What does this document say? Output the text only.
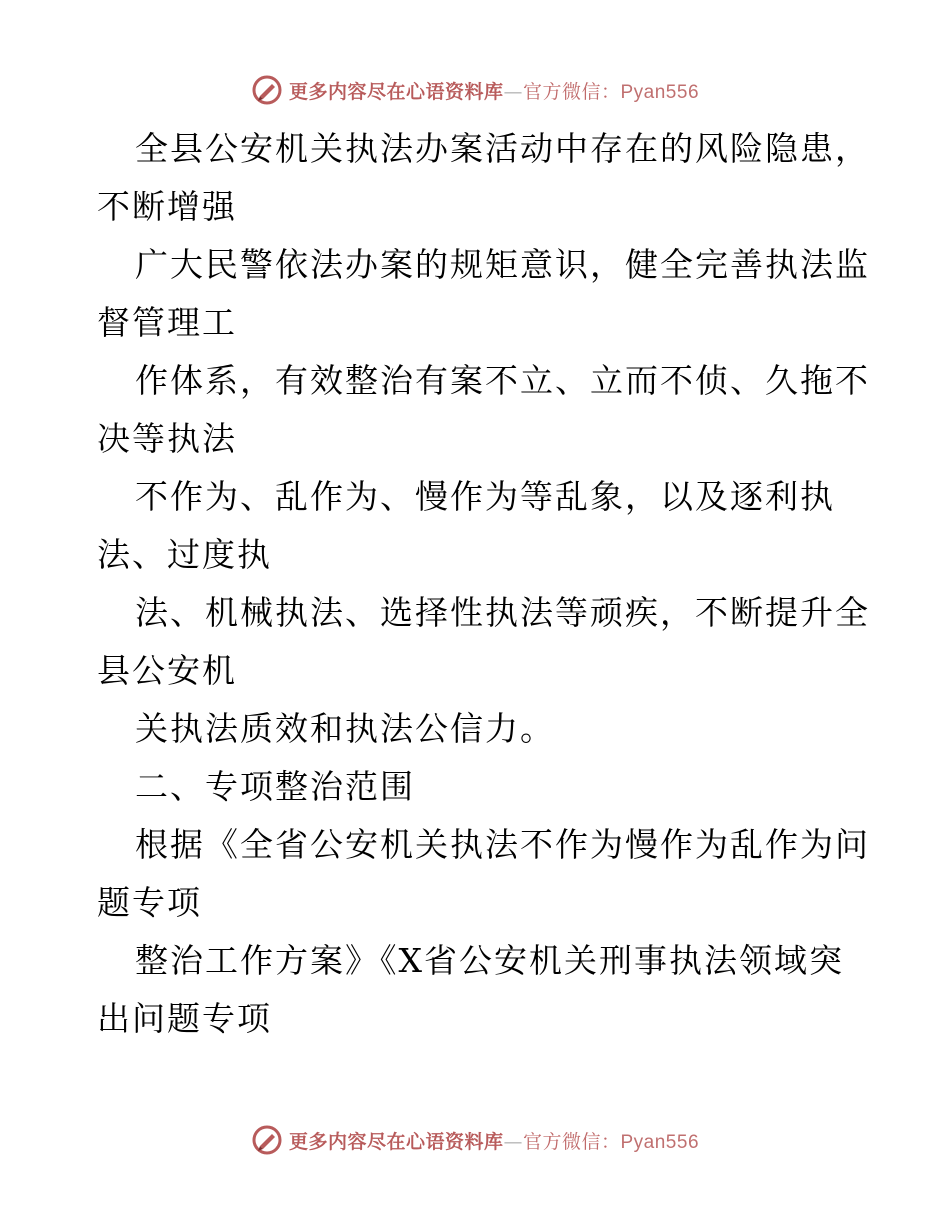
更多内容尽在心语资料库—官方微信：Pyan556
全县公安机关执法办案活动中存在的风险隐患，
不断增强
广大民警依法办案的规矩意识，健全完善执法监
督管理工
作体系，有效整治有案不立、立而不侦、久拖不
决等执法
不作为、乱作为、慢作为等乱象，以及逐利执
法、过度执
法、机械执法、选择性执法等顽疾，不断提升全
县公安机
关执法质效和执法公信力。
二、专项整治范围
根据《全省公安机关执法不作为慢作为乱作为问
题专项
整治工作方案》《X省公安机关刑事执法领域突
出问题专项
更多内容尽在心语资料库—官方微信：Pyan556
